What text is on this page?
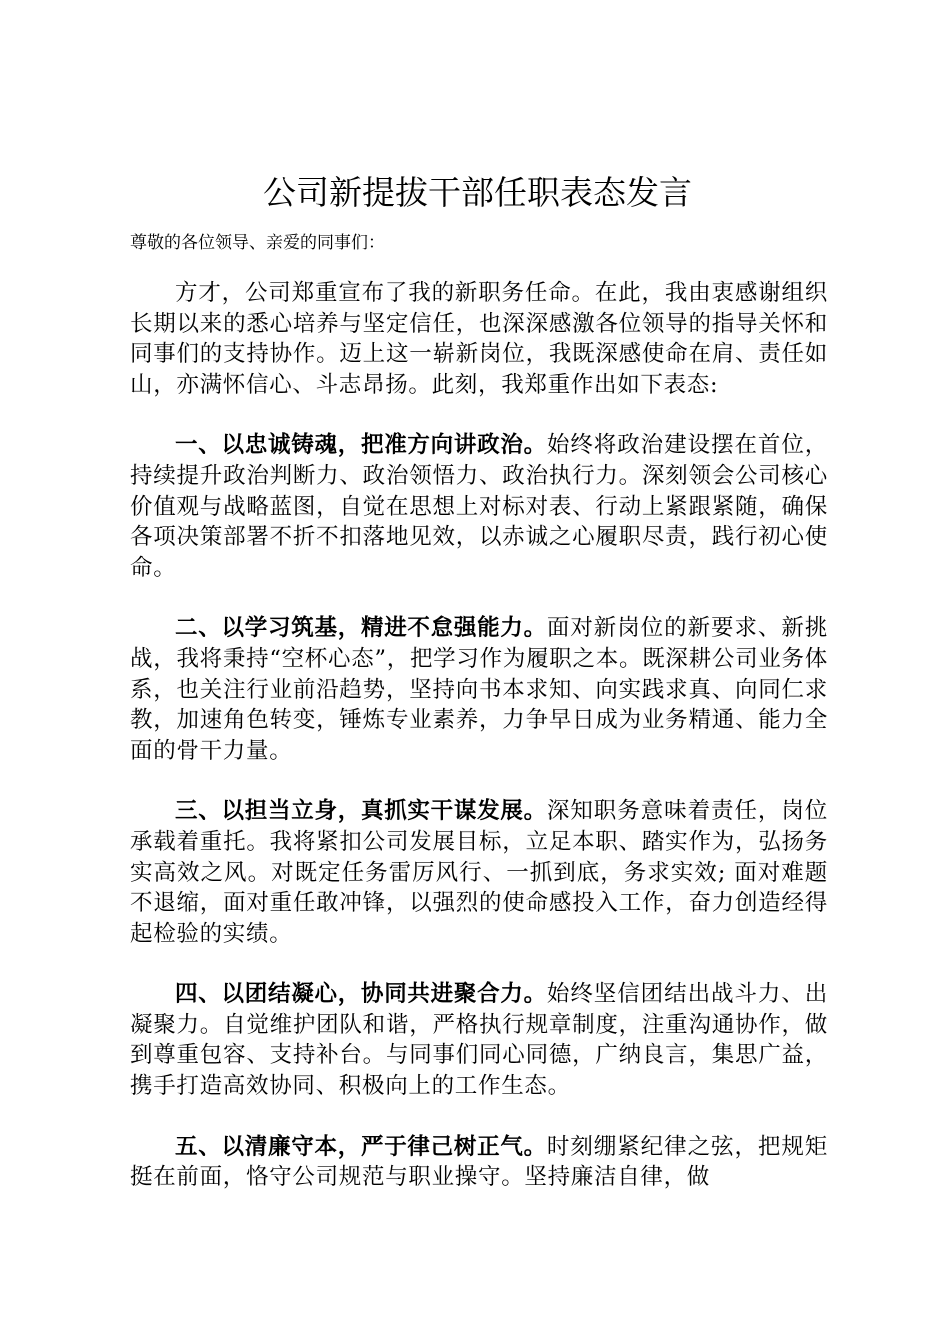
公司新提拔干部任职表态发言

尊敬的各位领导、亲爱的同事们：

方才，公司郑重宣布了我的新职务任命。在此，我由衷感谢组织长期以来的悉心培养与坚定信任，也深深感激各位领导的指导关怀和同事们的支持协作。迈上这一崭新岗位，我既深感使命在肩、责任如山，亦满怀信心、斗志昂扬。此刻，我郑重作出如下表态:

一、以忠诚铸魂，把准方向讲政治。始终将政治建设摆在首位，持续提升政治判断力、政治领悟力、政治执行力。深刻领会公司核心价值观与战略蓝图，自觉在思想上对标对表、行动上紧跟紧随，确保各项决策部署不折不扣落地见效，以赤诚之心履职尽责，践行初心使命。

二、以学习筑基，精进不怠强能力。面对新岗位的新要求、新挑战，我将秉持“空杯心态”，把学习作为履职之本。既深耕公司业务体系，也关注行业前沿趋势，坚持向书本求知、向实践求真、向同仁求教，加速角色转变，锤炼专业素养，力争早日成为业务精通、能力全面的骨干力量。

三、以担当立身，真抓实干谋发展。深知职务意味着责任，岗位承载着重托。我将紧扣公司发展目标，立足本职、踏实作为，弘扬务实高效之风。对既定任务雷厉风行、一抓到底，务求实效; 面对难题不退缩，面对重任敢冲锋，以强烈的使命感投入工作，奋力创造经得起检验的实绩。

四、以团结凝心，协同共进聚合力。始终坚信团结出战斗力、出凝聚力。自觉维护团队和谐，严格执行规章制度，注重沟通协作，做到尊重包容、支持补台。与同事们同心同德，广纳良言，集思广益，携手打造高效协同、积极向上的工作生态。

五、以清廉守本，严于律己树正气。时刻绷紧纪律之弦，把规矩挺在前面，恪守公司规范与职业操守。坚持廉洁自律，做
